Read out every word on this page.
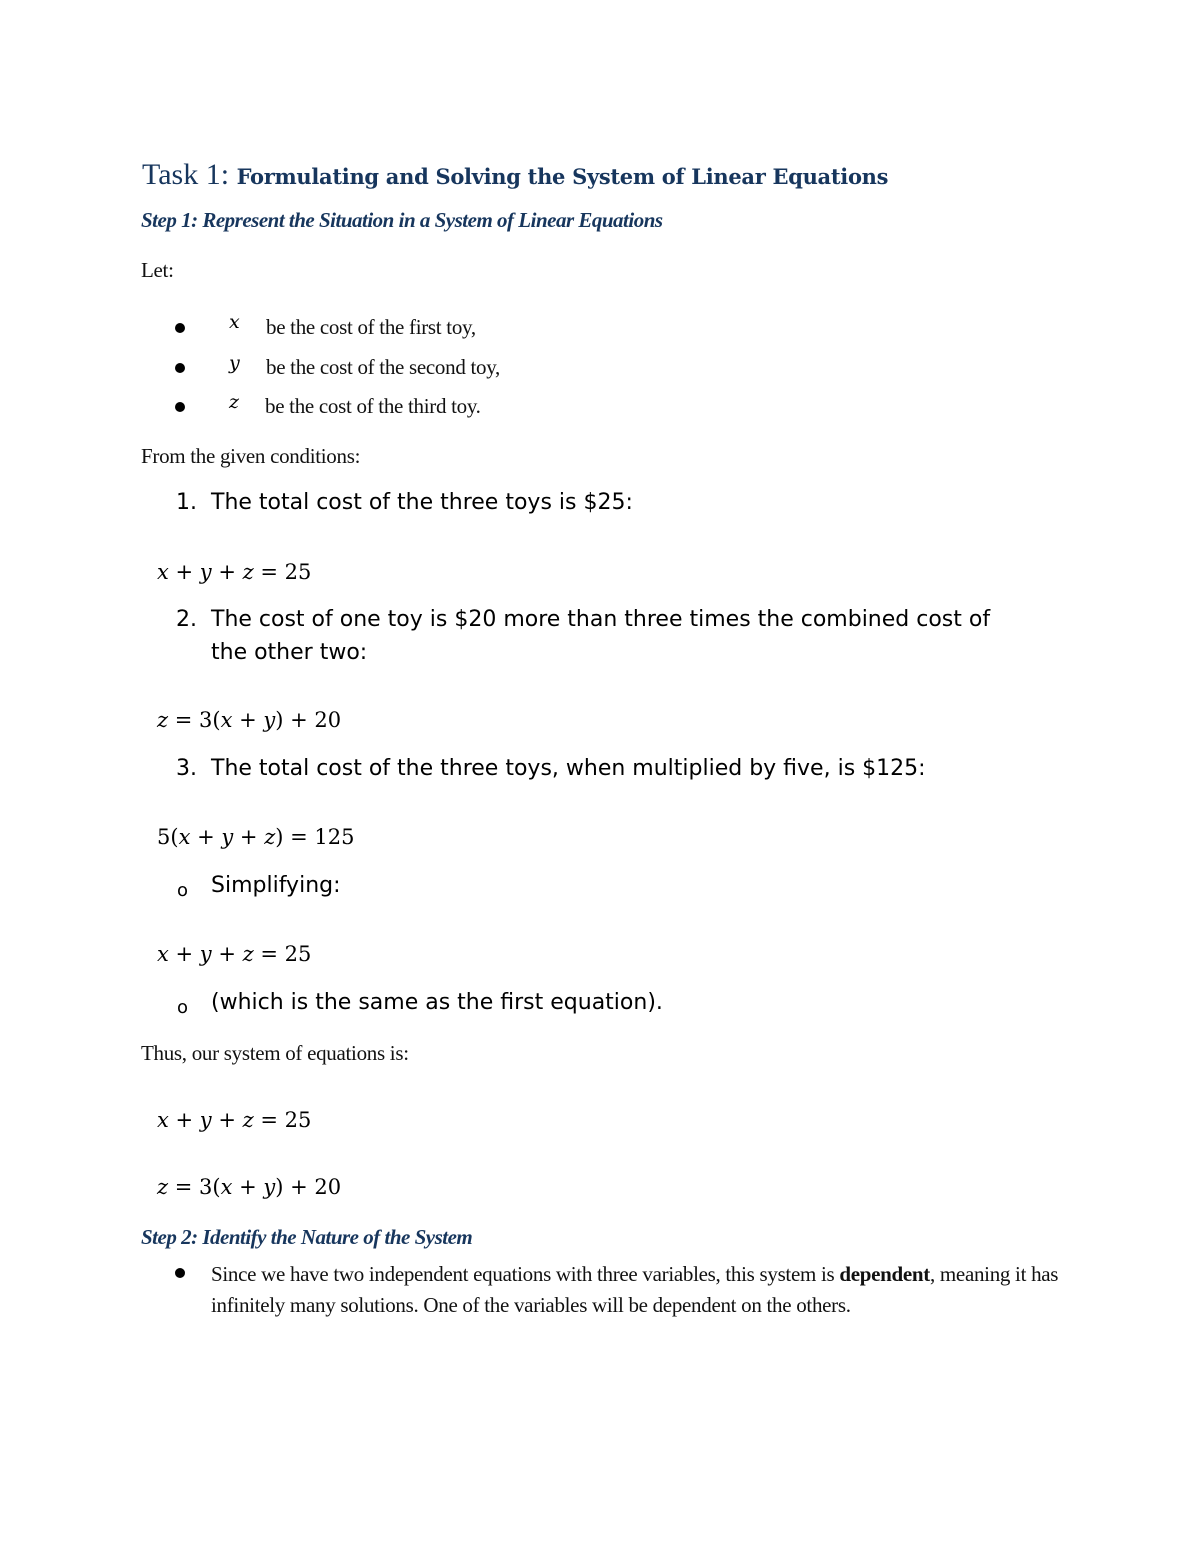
Task 1: Formulating and Solving the System of Linear Equations
Step 1: Represent the Situation in a System of Linear Equations
Let:
x be the cost of the first toy,
y be the cost of the second toy,
z be the cost of the third toy.
From the given conditions:
1. The total cost of the three toys is $25:
x + y + z = 25
2. The cost of one toy is $20 more than three times the combined cost of
the other two:
z = 3(x + y) + 20
3. The total cost of the three toys, when multiplied by five, is $125:
5(x + y + z) = 125
o Simplifying:
x + y + z = 25
o (which is the same as the first equation).
Thus, our system of equations is:
x + y + z = 25
z = 3(x + y) + 20
Step 2: Identify the Nature of the System
Since we have two independent equations with three variables, this system is dependent, meaning it has infinitely many solutions. One of the variables will be dependent on the others.
